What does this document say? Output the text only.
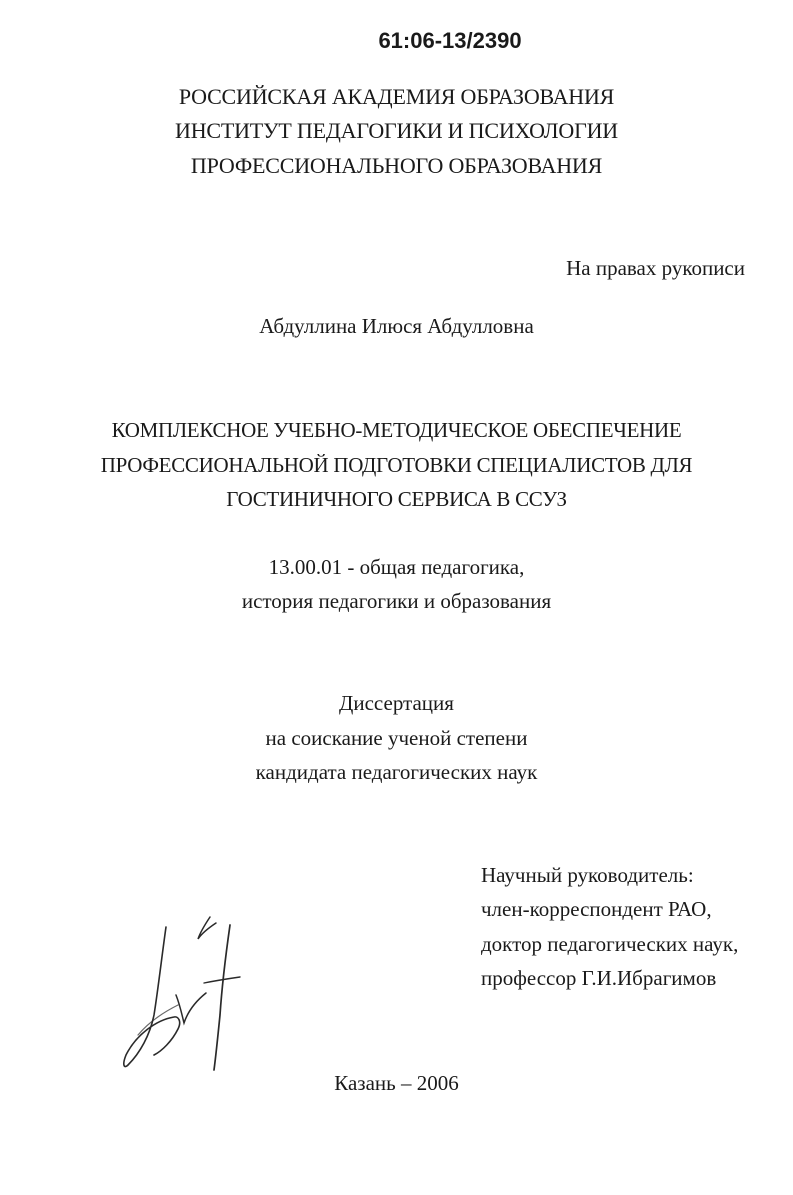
61:06-13/2390
РОССИЙСКАЯ АКАДЕМИЯ ОБРАЗОВАНИЯ
ИНСТИТУТ ПЕДАГОГИКИ И ПСИХОЛОГИИ
ПРОФЕССИОНАЛЬНОГО ОБРАЗОВАНИЯ
На правах рукописи
Абдуллина Илюся Абдулловна
КОМПЛЕКСНОЕ УЧЕБНО-МЕТОДИЧЕСКОЕ ОБЕСПЕЧЕНИЕ
ПРОФЕССИОНАЛЬНОЙ ПОДГОТОВКИ СПЕЦИАЛИСТОВ ДЛЯ
ГОСТИНИЧНОГО СЕРВИСА В ССУЗ
13.00.01 - общая педагогика,
история педагогики и образования
Диссертация
на соискание ученой степени
кандидата педагогических наук
Научный руководитель:
член-корреспондент РАО,
доктор педагогических наук,
профессор Г.И.Ибрагимов
Казань – 2006
